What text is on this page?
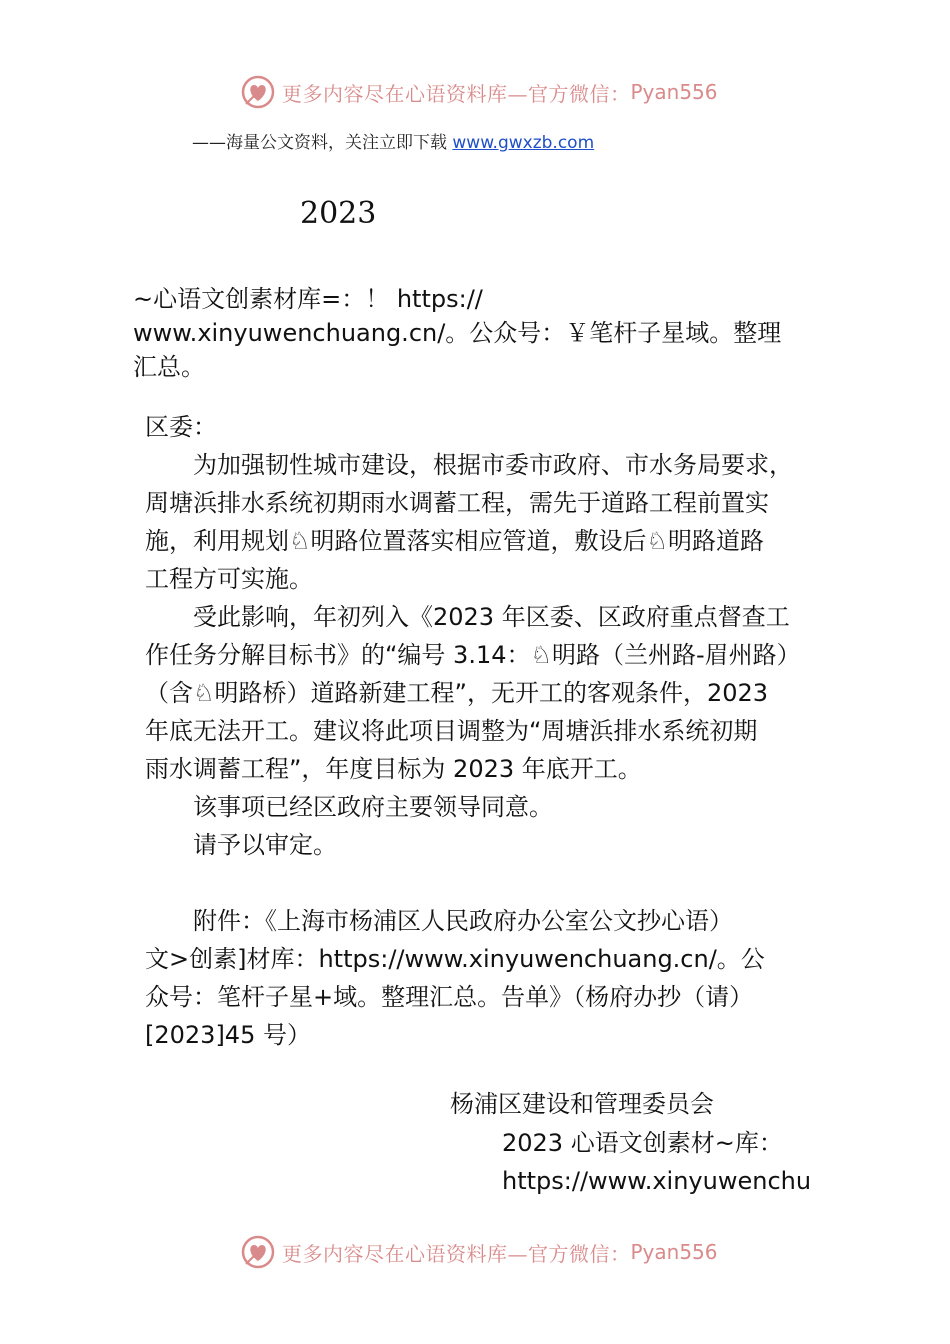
更多内容尽在心语资料库—官方微信： Pyan556
——海量公文资料，关注立即下载 www.gwxzb.com
2023
~心语文创素材库=：！ https://
www.xinyuwenchuang.cn/。公众号：￥笔杆子星域。整理
汇总。

区委：

为加强韧性城市建设，根据市委市政府、市水务局要求，

周塘浜排水系统初期雨水调蓄工程，需先于道路工程前置实

施，利用规划♘明路位置落实相应管道，敷设后♘明路道路

工程方可实施。

受此影响，年初列入《2023 年区委、区政府重点督查工

作任务分解目标书》的“编号 3.14：♘明路（兰州路-眉州路）

（含♘明路桥）道路新建工程”，无开工的客观条件，2023

年底无法开工。建议将此项目调整为“周塘浜排水系统初期

雨水调蓄工程”，年度目标为 2023 年底开工。

该事项已经区政府主要领导同意。

请予以审定。

附件：《上海市杨浦区人民政府办公室公文抄心语）

文>创素]材库：https://www.xinyuwenchuang.cn/。公

众号：笔杆子星+域。整理汇总。告单》（杨府办抄（请）

[2023]45 号）

杨浦区建设和管理委员会
2023 心语文创素材~库：
https://www.xinyuwenchu
更多内容尽在心语资料库—官方微信： Pyan556
